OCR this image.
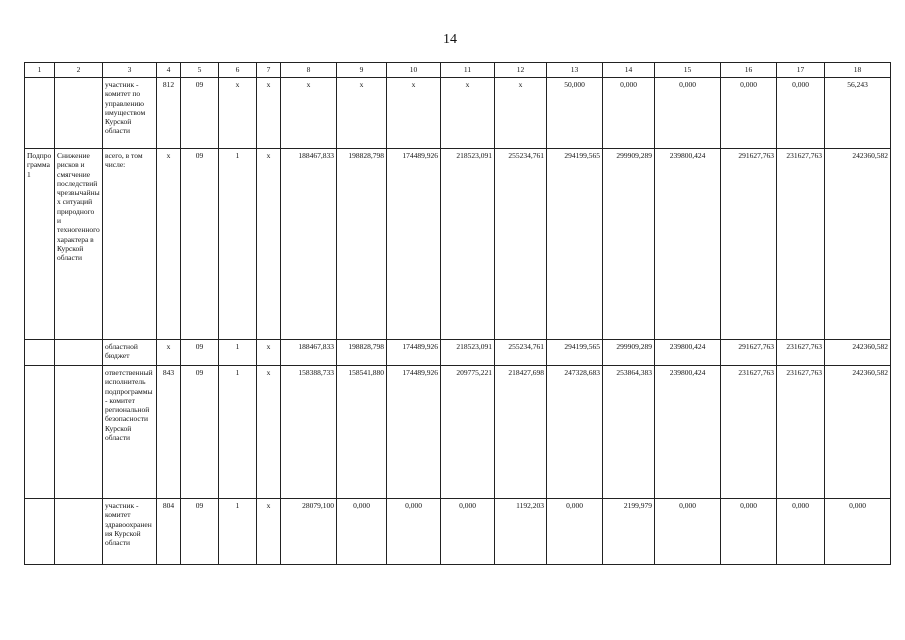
14
1	2	3	4	5	6	7	8	9	10	11	12	13	14	15	16	17	18
		участник - комитет по управлению имуществом Курской области	812	09	x	x	x	x	x	x	x	50,000	0,000	0,000	0,000	0,000	56,243
Подпрограмма 1	Снижение рисков и смягчение последствий чрезвычайных ситуаций природного и техногенного характера в Курской области	всего, в том числе:	x	09	1	x	188467,833	198828,798	174489,926	218523,091	255234,761	294199,565	299909,289	239800,424	291627,763	231627,763	242360,582
		областной бюджет	x	09	1	x	188467,833	198828,798	174489,926	218523,091	255234,761	294199,565	299909,289	239800,424	291627,763	231627,763	242360,582
		ответственный исполнитель подпрограммы - комитет региональной безопасности Курской области	843	09	1	x	158388,733	158541,880	174489,926	209775,221	218427,698	247328,683	253864,383	239800,424	231627,763	231627,763	242360,582
		участник - комитет здравоохранения Курской области	804	09	1	x	28079,100	0,000	0,000	0,000	1192,203	0,000	2199,979	0,000	0,000	0,000	0,000
